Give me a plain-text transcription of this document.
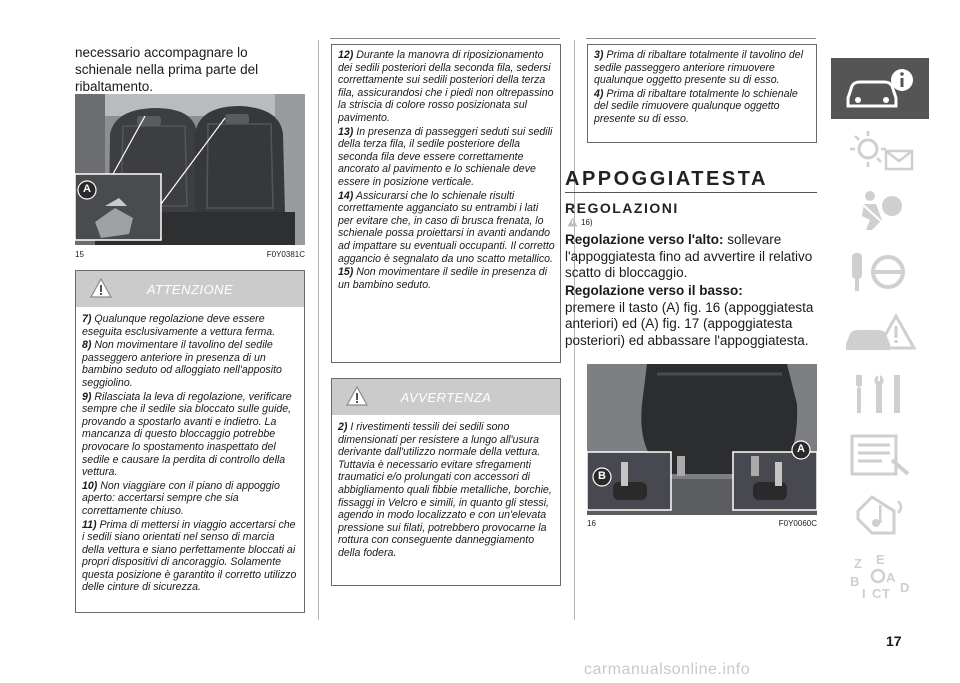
necessario accompagnare lo schienale nella prima parte del ribaltamento.
A
15	F0Y0381C
ATTENZIONE

7) Qualunque regolazione deve essere eseguita esclusivamente a vettura ferma.

8) Non movimentare il tavolino del sedile passeggero anteriore in presenza di un bambino seduto od alloggiato nell'apposito seggiolino.

9) Rilasciata la leva di regolazione, verificare sempre che il sedile sia bloccato sulle guide, provando a spostarlo avanti e indietro. La mancanza di questo bloccaggio potrebbe provocare lo spostamento inaspettato del sedile e causare la perdita di controllo della vettura.

10) Non viaggiare con il piano di appoggio aperto: accertarsi sempre che sia correttamente chiuso.

11) Prima di mettersi in viaggio accertarsi che i sedili siano orientati nel senso di marcia della vettura e siano perfettamente bloccati ai propri dispositivi di ancoraggio. Solamente questa posizione è garantito il corretto utilizzo delle cinture di sicurezza.

12) Durante la manovra di riposizionamento dei sedili posteriori della seconda fila, sedersi correttamente sui sedili posteriori della terza fila, assicurandosi che i piedi non oltrepassino la striscia di colore rosso posizionata sul pavimento.

13) In presenza di passeggeri seduti sui sedili della terza fila, il sedile posteriore della seconda fila deve essere correttamente ancorato al pavimento e lo schienale deve essere in posizione verticale.

14) Assicurarsi che lo schienale risulti correttamente agganciato su entrambi i lati per evitare che, in caso di brusca frenata, lo schienale possa proiettarsi in avanti andando ad impattare su eventuali occupanti. Il corretto aggancio è segnalato da uno scatto metallico.

15) Non movimentare il sedile in presenza di un bambino seduto.

AVVERTENZA

2) I rivestimenti tessili dei sedili sono dimensionati per resistere a lungo all'usura derivante dall'utilizzo normale della vettura. Tuttavia è necessario evitare sfregamenti traumatici e/o prolungati con accessori di abbigliamento quali fibbie metalliche, borchie, fissaggi in Velcro e simili, in quanto gli stessi, agendo in modo localizzato e con un'elevata pressione sui filati, potrebbero provocarne la rottura con conseguente danneggiamento della fodera.

3) Prima di ribaltare totalmente il tavolino del sedile passeggero anteriore rimuovere qualunque oggetto presente su di esso.

4) Prima di ribaltare totalmente lo schienale del sedile rimuovere qualunque oggetto presente su di esso.

APPOGGIATESTA
REGOLAZIONI
16)
Regolazione verso l'alto: sollevare l'appoggiatesta fino ad avvertire il relativo scatto di bloccaggio.
Regolazione verso il basso:
premere il tasto (A) fig. 16 (appoggiatesta anteriori) ed (A) fig. 17 (appoggiatesta posteriori) ed abbassare l'appoggiatesta.
B
A
16	F0Y0060C
Z E
B A
I C T D
17
carmanualsonline.info
